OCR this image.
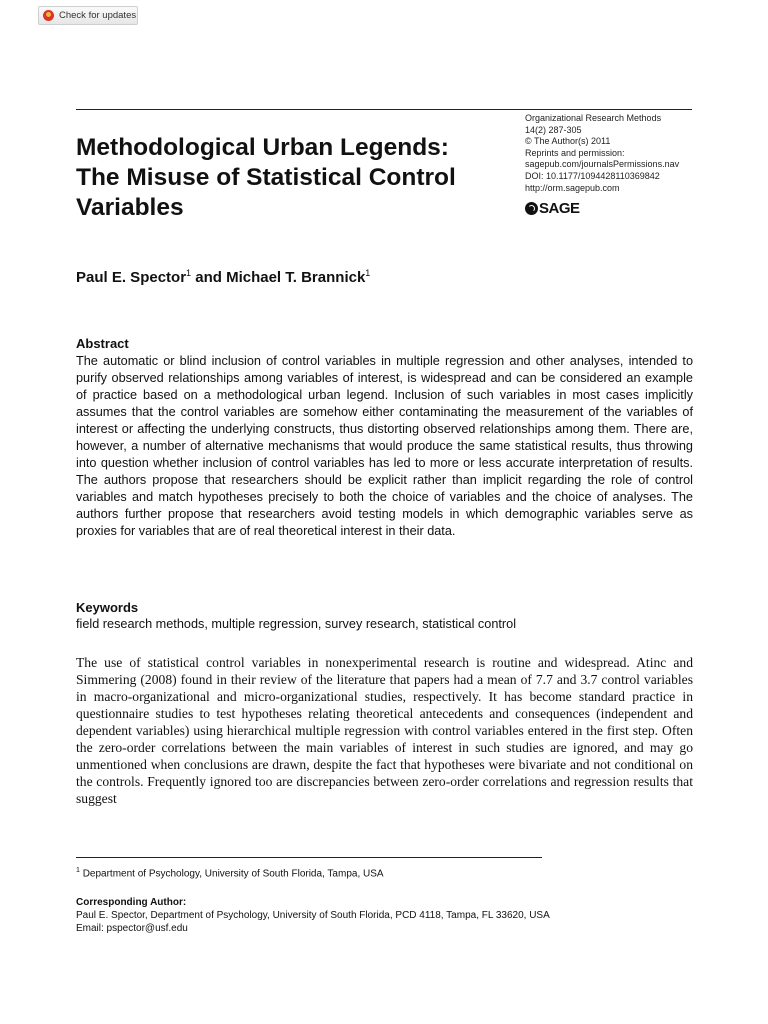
Check for updates
Methodological Urban Legends: The Misuse of Statistical Control Variables
Organizational Research Methods
14(2) 287-305
© The Author(s) 2011
Reprints and permission:
sagepub.com/journalsPermissions.nav
DOI: 10.1177/1094428110369842
http://orm.sagepub.com
SAGE
Paul E. Spector$^1$ and Michael T. Brannick$^1$
Abstract

The automatic or blind inclusion of control variables in multiple regression and other analyses, intended to purify observed relationships among variables of interest, is widespread and can be considered an example of practice based on a methodological urban legend. Inclusion of such variables in most cases implicitly assumes that the control variables are somehow either contaminating the measurement of the variables of interest or affecting the underlying constructs, thus distorting observed relationships among them. There are, however, a number of alternative mechanisms that would produce the same statistical results, thus throwing into question whether inclusion of control variables has led to more or less accurate interpretation of results. The authors propose that researchers should be explicit rather than implicit regarding the role of control variables and match hypotheses precisely to both the choice of variables and the choice of analyses. The authors further propose that researchers avoid testing models in which demographic variables serve as proxies for variables that are of real theoretical interest in their data.

Keywords
field research methods, multiple regression, survey research, statistical control

The use of statistical control variables in nonexperimental research is routine and widespread. Atinc and Simmering (2008) found in their review of the literature that papers had a mean of 7.7 and 3.7 control variables in macro-organizational and micro-organizational studies, respectively. It has become standard practice in questionnaire studies to test hypotheses relating theoretical antecedents and consequences (independent and dependent variables) using hierarchical multiple regression with control variables entered in the first step. Often the zero-order correlations between the main variables of interest in such studies are ignored, and may go unmentioned when conclusions are drawn, despite the fact that hypotheses were bivariate and not conditional on the controls. Frequently ignored too are discrepancies between zero-order correlations and regression results that suggest

$^1$ Department of Psychology, University of South Florida, Tampa, USA
Corresponding Author:
Paul E. Spector, Department of Psychology, University of South Florida, PCD 4118, Tampa, FL 33620, USA
Email: pspector@usf.edu
